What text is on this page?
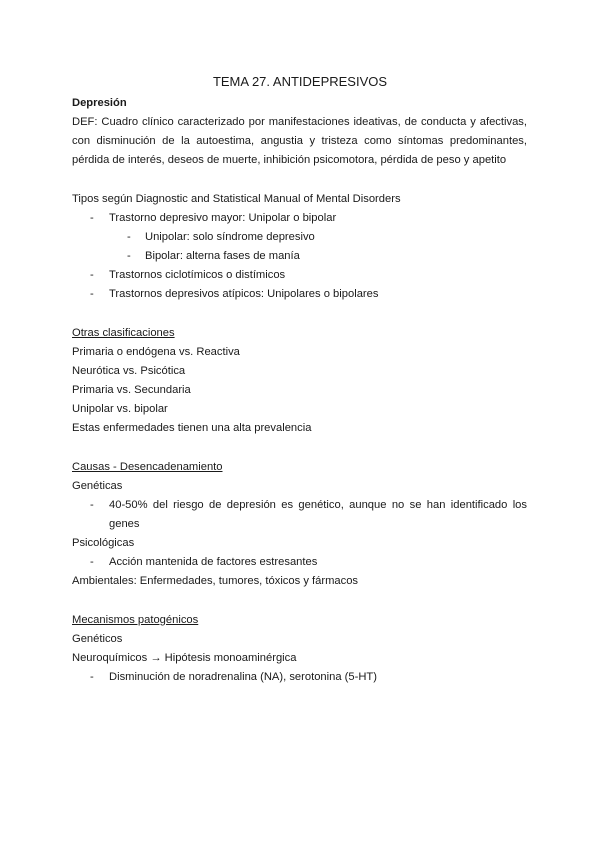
TEMA 27. ANTIDEPRESIVOS
Depresión
DEF: Cuadro clínico caracterizado por manifestaciones ideativas, de conducta y afectivas,
con disminución de la autoestima, angustia y tristeza como síntomas predominantes,
pérdida de interés, deseos de muerte, inhibición psicomotora, pérdida de peso y apetito
Tipos según Diagnostic and Statistical Manual of Mental Disorders
- Trastorno depresivo mayor: Unipolar o bipolar
- Unipolar: solo síndrome depresivo
- Bipolar: alterna fases de manía
- Trastornos ciclotímicos o distímicos
- Trastornos depresivos atípicos: Unipolares o bipolares
Otras clasificaciones
Primaria o endógena vs. Reactiva
Neurótica vs. Psicótica
Primaria vs. Secundaria
Unipolar vs. bipolar
Estas enfermedades tienen una alta prevalencia
Causas - Desencadenamiento
Genéticas
- 40-50% del riesgo de depresión es genético, aunque no se han identificado los
genes
Psicológicas
- Acción mantenida de factores estresantes
Ambientales: Enfermedades, tumores, tóxicos y fármacos
Mecanismos patogénicos
Genéticos
Neuroquímicos → Hipótesis monoaminérgica
- Disminución de noradrenalina (NA), serotonina (5-HT)
